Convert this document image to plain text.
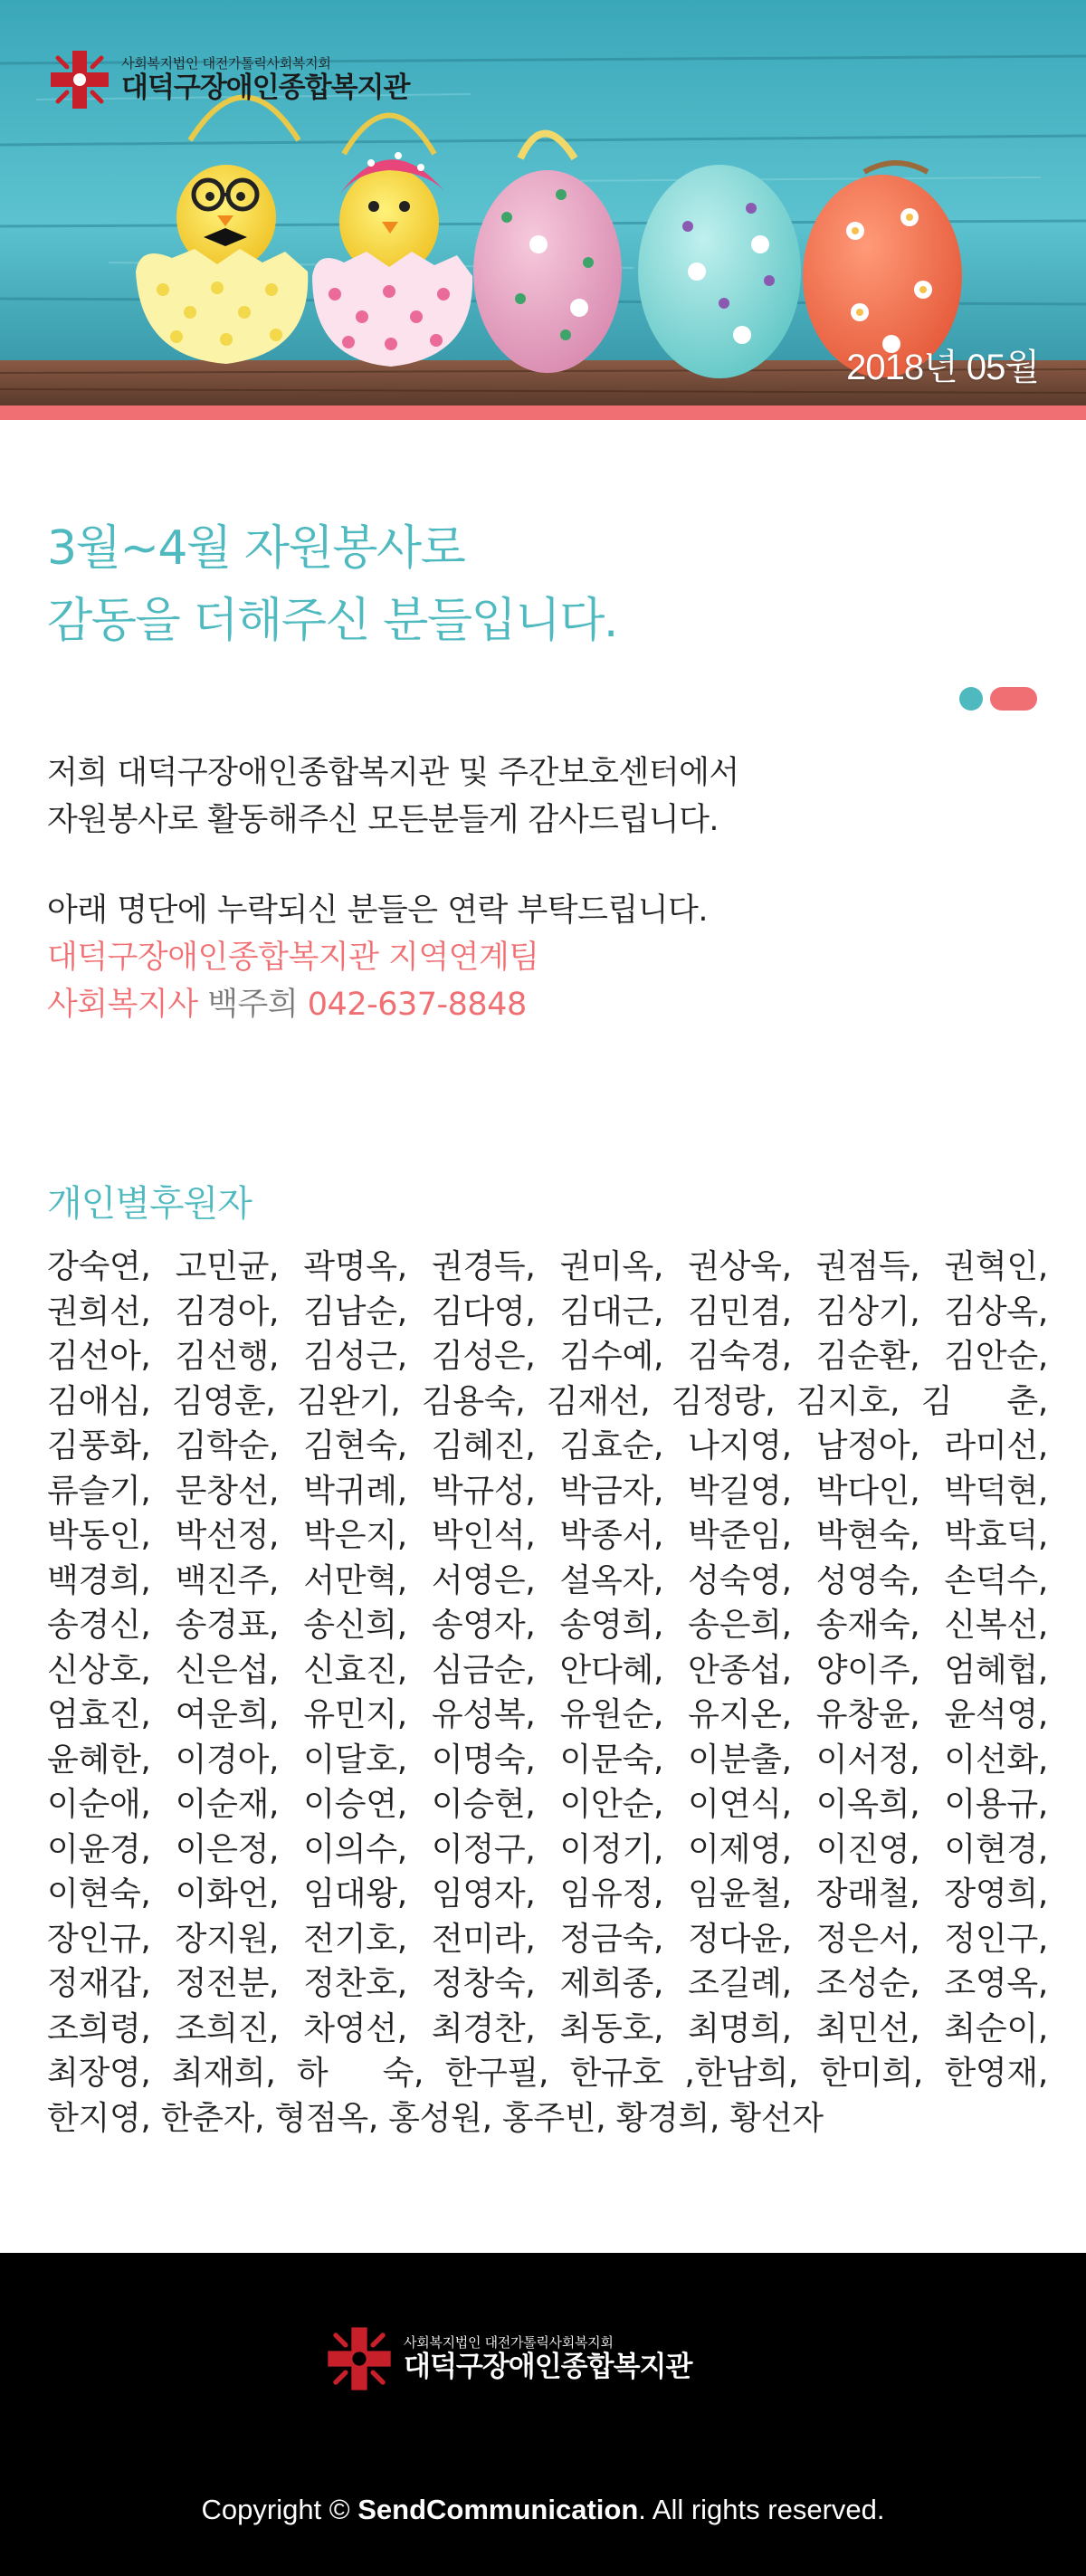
사회복지법인 대전가톨릭사회복지회
대덕구장애인종합복지관
2018년 05월
3월~4월 자원봉사로
감동을 더해주신 분들입니다.
저희 대덕구장애인종합복지관 및 주간보호센터에서
자원봉사로 활동해주신 모든분들게 감사드립니다.
아래 명단에 누락되신 분들은 연락 부탁드립니다.
대덕구장애인종합복지관 지역연계팀
사회복지사 백주희 042-637-8848
개인별후원자
강숙연, 고민균, 곽명옥, 권경득, 권미옥, 권상욱, 권점득, 권혁인, 권희선, 김경아, 김남순, 김다영, 김대근, 김민겸, 김상기, 김상옥, 김선아, 김선행, 김성근, 김성은, 김수예, 김숙경, 김순환, 김안순, 김애심, 김영훈, 김완기, 김용숙, 김재선, 김정랑, 김지호, 김　춘, 김풍화, 김학순, 김현숙, 김혜진, 김효순, 나지영, 남정아, 라미선, 류슬기, 문창선, 박귀례, 박규성, 박금자, 박길영, 박다인, 박덕현, 박동인, 박선정, 박은지, 박인석, 박종서, 박준임, 박현숙, 박효덕, 백경희, 백진주, 서만혁, 서영은, 설옥자, 성숙영, 성영숙, 손덕수, 송경신, 송경표, 송신희, 송영자, 송영희, 송은희, 송재숙, 신복선, 신상호, 신은섭, 신효진, 심금순, 안다혜, 안종섭, 양이주, 엄혜헙, 엄효진, 여운희, 유민지, 유성복, 유원순, 유지온, 유창윤, 윤석영, 윤혜한, 이경아, 이달호, 이명숙, 이문숙, 이분출, 이서정, 이선화, 이순애, 이순재, 이승연, 이승현, 이안순, 이연식, 이옥희, 이용규, 이윤경, 이은정, 이의수, 이정구, 이정기, 이제영, 이진영, 이현경, 이현숙, 이화언, 임대왕, 임영자, 임유정, 임윤철, 장래철, 장영희, 장인규, 장지원, 전기호, 전미라, 정금숙, 정다윤, 정은서, 정인구, 정재갑, 정전분, 정찬호, 정창숙, 제희종, 조길례, 조성순, 조영옥, 조희령, 조희진, 차영선, 최경찬, 최동호, 최명희, 최민선, 최순이, 최장영, 최재희, 하　숙, 한구필, 한규호 ,한남희, 한미희, 한영재, 한지영, 한춘자, 형점옥, 홍성원, 홍주빈, 황경희, 황선자
사회복지법인 대전가톨릭사회복지회
대덕구장애인종합복지관
Copyright © SendCommunication. All rights reserved.
